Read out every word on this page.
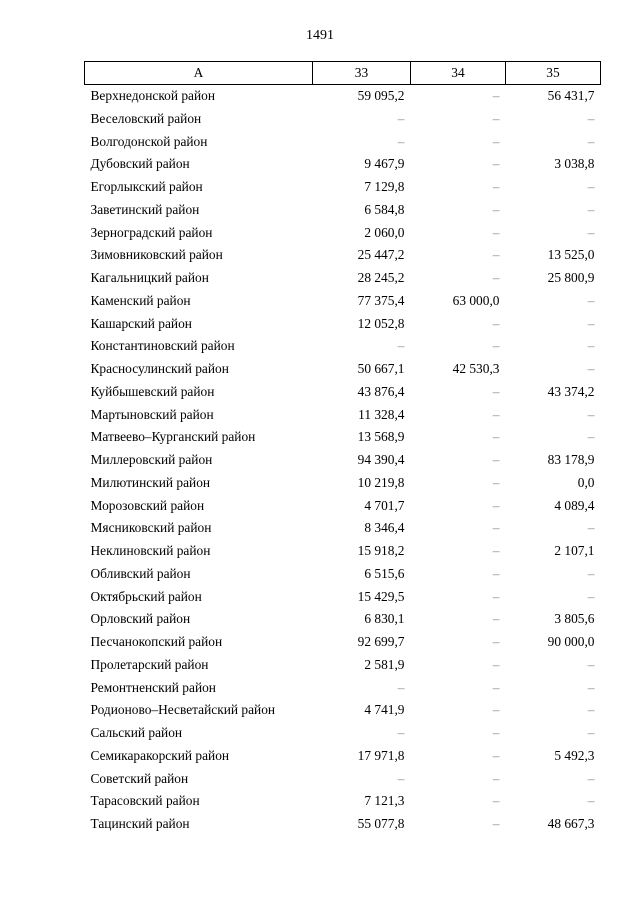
1491
А	33	34	35
Верхнедонской район	59 095,2	–	56 431,7
Веселовский район	–	–	–
Волгодонской район	–	–	–
Дубовский район	9 467,9	–	3 038,8
Егорлыкский район	7 129,8	–	–
Заветинский район	6 584,8	–	–
Зерноградский район	2 060,0	–	–
Зимовниковский район	25 447,2	–	13 525,0
Кагальницкий район	28 245,2	–	25 800,9
Каменский район	77 375,4	63 000,0	–
Кашарский район	12 052,8	–	–
Константиновский район	–	–	–
Красносулинский район	50 667,1	42 530,3	–
Куйбышевский район	43 876,4	–	43 374,2
Мартыновский район	11 328,4	–	–
Матвеево–Курганский район	13 568,9	–	–
Миллеровский район	94 390,4	–	83 178,9
Милютинский район	10 219,8	–	0,0
Морозовский район	4 701,7	–	4 089,4
Мясниковский район	8 346,4	–	–
Неклиновский район	15 918,2	–	2 107,1
Обливский район	6 515,6	–	–
Октябрьский район	15 429,5	–	–
Орловский район	6 830,1	–	3 805,6
Песчанокопский район	92 699,7	–	90 000,0
Пролетарский район	2 581,9	–	–
Ремонтненский район	–	–	–
Родионово–Несветайский район	4 741,9	–	–
Сальский район	–	–	–
Семикаракорский район	17 971,8	–	5 492,3
Советский район	–	–	–
Тарасовский район	7 121,3	–	–
Тацинский район	55 077,8	–	48 667,3
